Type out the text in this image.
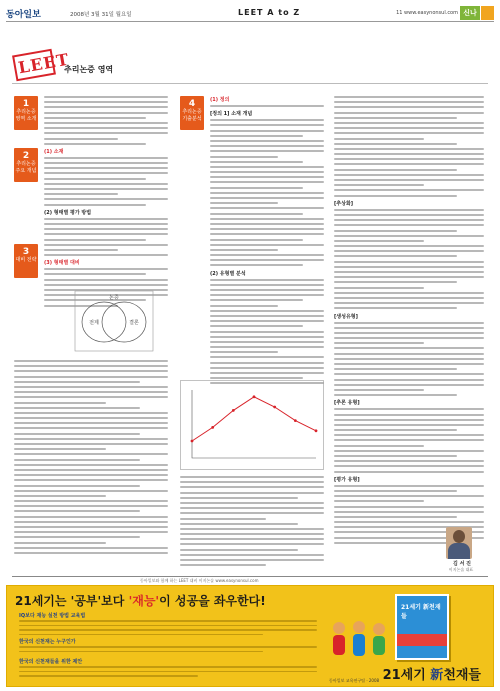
동아일보	2008년 3월 31일 월요일	LEET A to Z	11 www.easynonsul.com 신나
LEET
추리논증 영역
1
추리논증 영역 소개
2
추리논증 주요 개념
3
대비 전략
4
추리논증 기출분석
(1) 소재
(2) 형태별 평가 방법
(3) 형태별 대비
논증
전제	결론
(1) 정의
[정의 1] 소재 개념
(2) 유형별 분석
[추상화]
[생성유형]
[추론 유형]
[평가 유형]
김 서 진
이지논술 대표
동아일보와 함께 하는 LEET 대비 이지논술 www.easynonsul.com
21세기는 '공부'보다 '재능'이 성공을 좌우한다!
IQ보다 재능 실천 방법 교육법
한국의 신천재는 누구인가
한국의 신천재들을 위한 제안
21세기 新천재들
21세기 新천재들
동아일보 교육연구팀 · 2008
